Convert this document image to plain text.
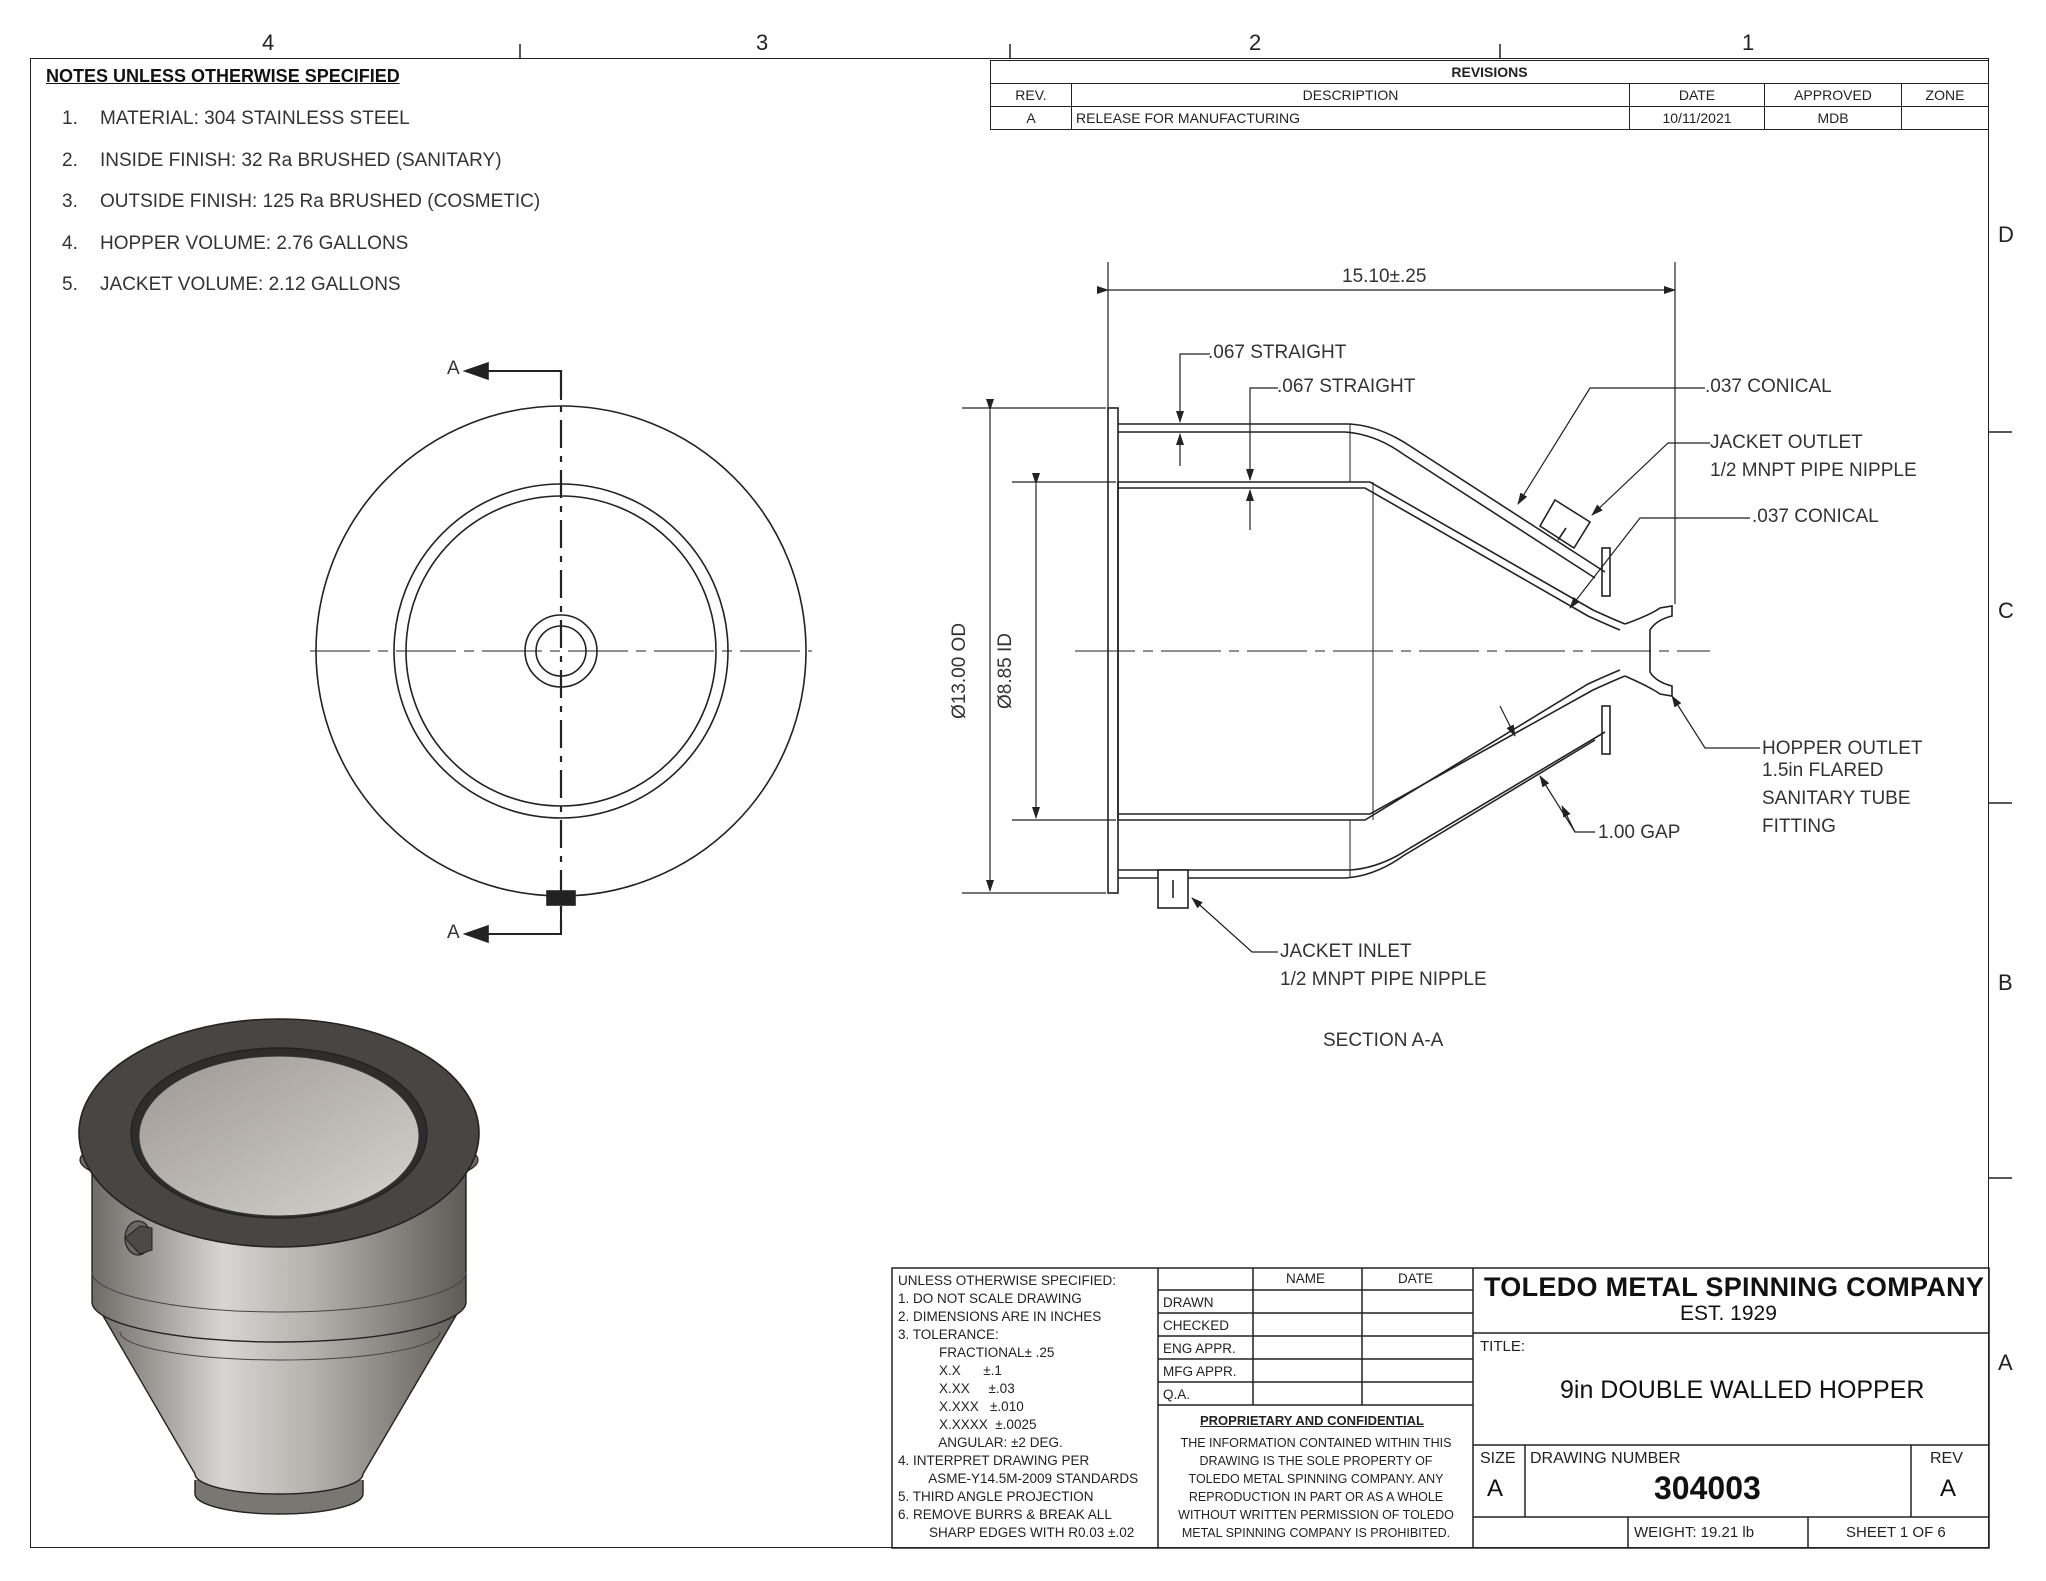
4	3	2	1
D
C
B
A
NOTES UNLESS OTHERWISE SPECIFIED
1. MATERIAL: 304 STAINLESS STEEL
2. INSIDE FINISH: 32 Ra BRUSHED (SANITARY)
3. OUTSIDE FINISH: 125 Ra BRUSHED (COSMETIC)
4. HOPPER VOLUME: 2.76 GALLONS
5. JACKET VOLUME: 2.12 GALLONS
REVISIONS				
REV.	DESCRIPTION	DATE	APPROVED	ZONE
A	RELEASE FOR MANUFACTURING	10/11/2021	MDB	
A
A
15.10±.25
Ø13.00 OD Ø8.85 ID
.067 STRAIGHT
.067 STRAIGHT	.037 CONICAL
JACKET OUTLET
1/2 MNPT PIPE NIPPLE
.037 CONICAL
HOPPER OUTLET
1.5in FLARED
SANITARY TUBE
FITTING
1.00 GAP
JACKET INLET
1/2 MNPT PIPE NIPPLE
SECTION A-A
UNLESS OTHERWISE SPECIFIED:
1. DO NOT SCALE DRAWING
2. DIMENSIONS ARE IN INCHES
3. TOLERANCE:
FRACTIONAL± .25
X.X      ±.1
X.XX     ±.03
X.XXX   ±.010
X.XXXX  ±.0025
ANGULAR: ±2 DEG.
4. INTERPRET DRAWING PER
ASME-Y14.5M-2009 STANDARDS
5. THIRD ANGLE PROJECTION
6. REMOVE BURRS & BREAK ALL
SHARP EDGES WITH R0.03 ±.02
NAME	DATE
DRAWN
CHECKED
ENG APPR.
MFG APPR.
Q.A.
PROPRIETARY AND CONFIDENTIAL
THE INFORMATION CONTAINED WITHIN THIS
DRAWING IS THE SOLE PROPERTY OF
TOLEDO METAL SPINNING COMPANY. ANY
REPRODUCTION IN PART OR AS A WHOLE
WITHOUT WRITTEN PERMISSION OF TOLEDO
METAL SPINNING COMPANY IS PROHIBITED.
TOLEDO METAL SPINNING COMPANY
EST. 1929
TITLE:
9in DOUBLE WALLED HOPPER
SIZE
A
DRAWING NUMBER
304003
REV
A
WEIGHT: 19.21 lb	SHEET 1 OF 6
